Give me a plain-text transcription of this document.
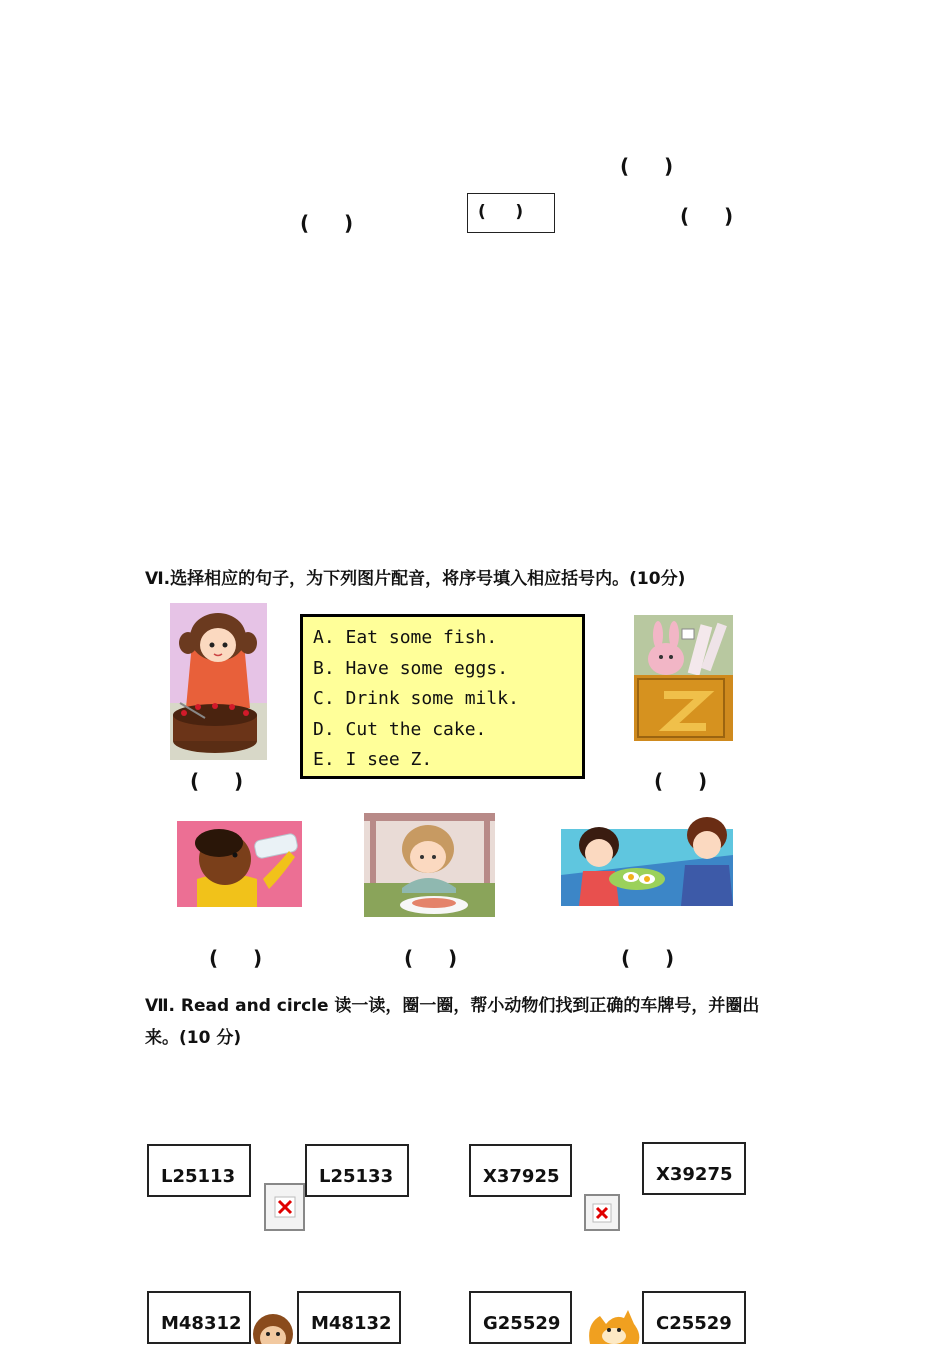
(     )
(     )	(     )	(     )
Ⅵ.选择相应的句子，为下列图片配音，将序号填入相应括号内。(10分)
(     )
A. Eat some fish.
B. Have some eggs.
C. Drink some milk.
D. Cut the cake.
E. I see Z.
(     )
(     )	(     )	(     )
Ⅶ. Read and circle 读一读，圈一圈，帮小动物们找到正确的车牌号，并圈出
来。(10 分)
L25113	L25133	X37925	X39275
M48312	M48132	G25529	C25529
